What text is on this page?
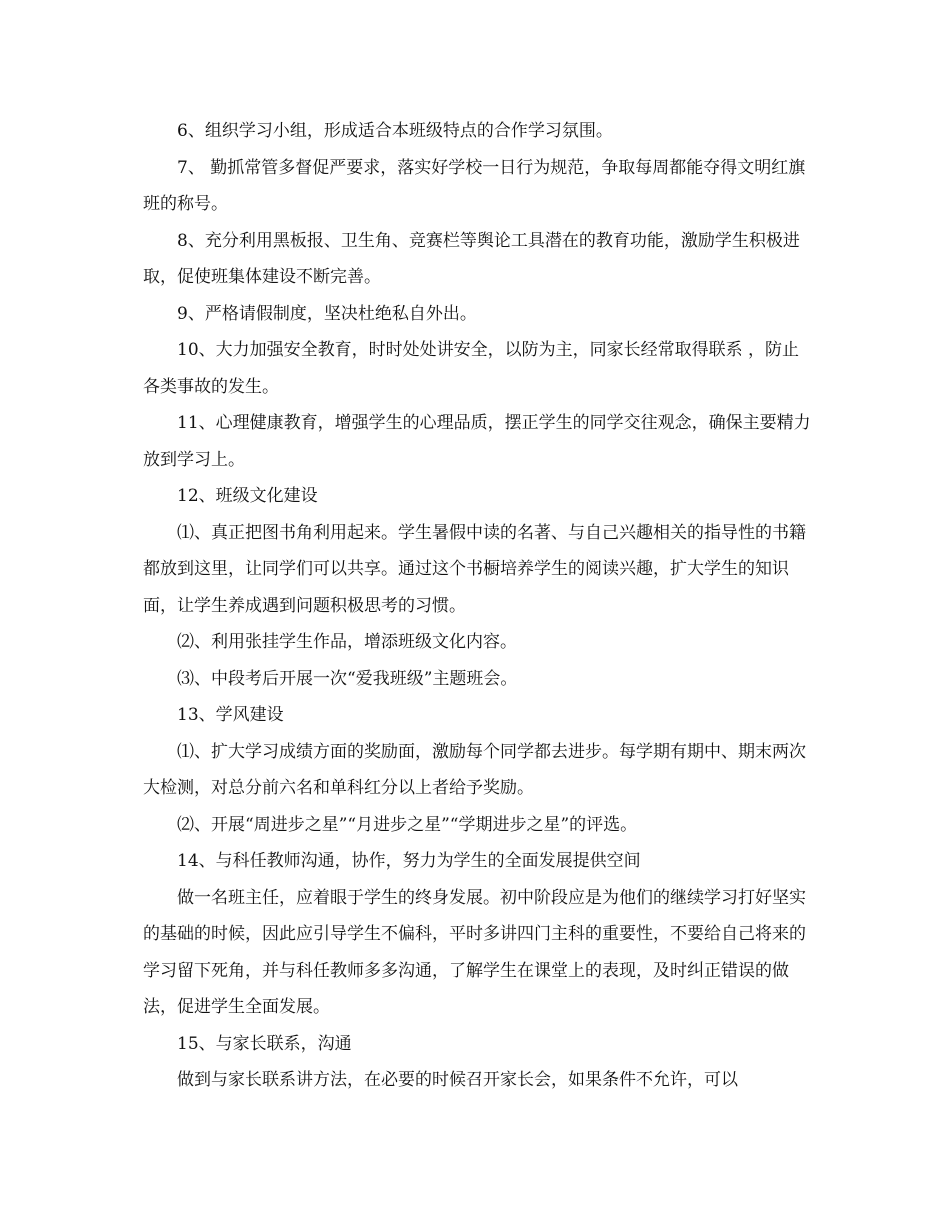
6、组织学习小组，形成适合本班级特点的合作学习氛围。

7、 勤抓常管多督促严要求，落实好学校一日行为规范，争取每周都能夺得文明红旗班的称号。

8、充分利用黑板报、卫生角、竞赛栏等舆论工具潜在的教育功能，激励学生积极进取，促使班集体建设不断完善。

9、严格请假制度，坚决杜绝私自外出。

10、大力加强安全教育，时时处处讲安全，以防为主，同家长经常取得联系 ，防止各类事故的发生。

11、心理健康教育，增强学生的心理品质，摆正学生的同学交往观念，确保主要精力放到学习上。

12、班级文化建设

⑴、真正把图书角利用起来。学生暑假中读的名著、与自己兴趣相关的指导性的书籍都放到这里，让同学们可以共享。通过这个书橱培养学生的阅读兴趣，扩大学生的知识面，让学生养成遇到问题积极思考的习惯。

⑵、利用张挂学生作品，增添班级文化内容。

⑶、中段考后开展一次“爱我班级”主题班会。

13、学风建设

⑴、扩大学习成绩方面的奖励面，激励每个同学都去进步。每学期有期中、期末两次大检测，对总分前六名和单科红分以上者给予奖励。

⑵、开展“周进步之星”“月进步之星”“学期进步之星”的评选。

14、与科任教师沟通，协作，努力为学生的全面发展提供空间

做一名班主任，应着眼于学生的终身发展。初中阶段应是为他们的继续学习打好坚实的基础的时候，因此应引导学生不偏科，平时多讲四门主科的重要性，不要给自己将来的学习留下死角，并与科任教师多多沟通，了解学生在课堂上的表现，及时纠正错误的做法，促进学生全面发展。

15、与家长联系，沟通

做到与家长联系讲方法，在必要的时候召开家长会，如果条件不允许，可以
